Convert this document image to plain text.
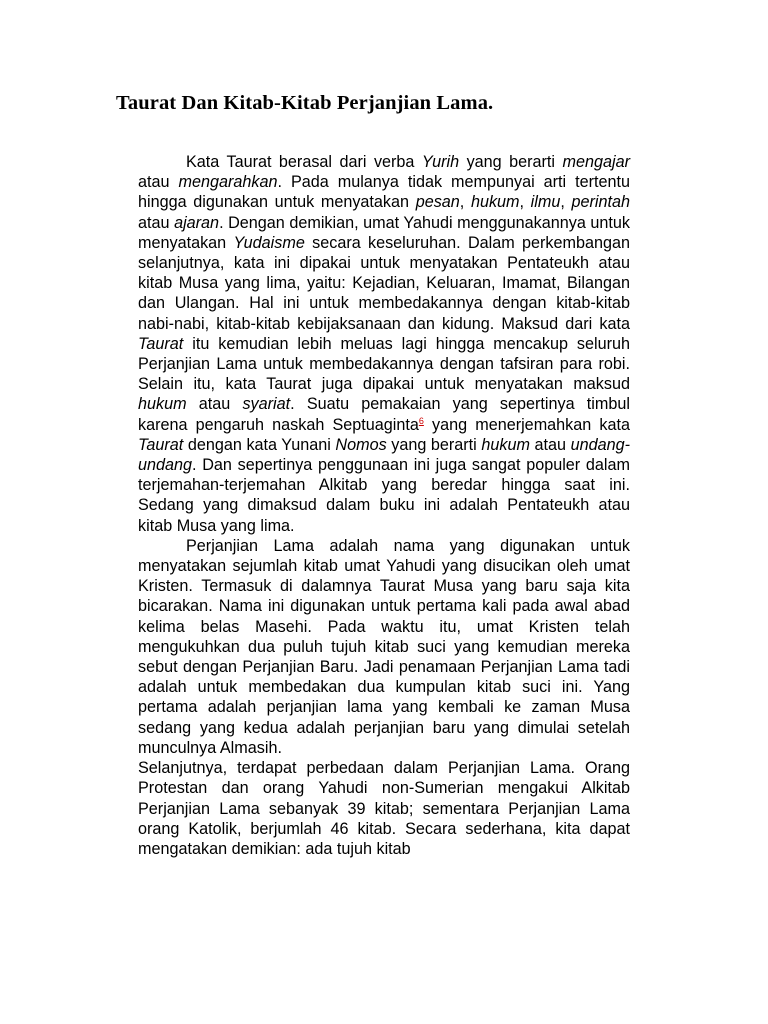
Taurat Dan Kitab-Kitab Perjanjian Lama.

Kata Taurat berasal dari verba Yurih yang berarti mengajar atau mengarahkan. Pada mulanya tidak mempunyai arti tertentu hingga digunakan untuk menyatakan pesan, hukum, ilmu, perintah atau ajaran. Dengan demikian, umat Yahudi menggunakannya untuk menyatakan Yudaisme secara keseluruhan. Dalam perkembangan selanjutnya, kata ini dipakai untuk menyatakan Pentateukh atau kitab Musa yang lima, yaitu: Kejadian, Keluaran, Imamat, Bilangan dan Ulangan. Hal ini untuk membedakannya dengan kitab-kitab nabi-nabi, kitab-kitab kebijaksanaan dan kidung. Maksud dari kata Taurat itu kemudian lebih meluas lagi hingga mencakup seluruh Perjanjian Lama untuk membedakannya dengan tafsiran para robi. Selain itu, kata Taurat juga dipakai untuk menyatakan maksud hukum atau syariat. Suatu pemakaian yang sepertinya timbul karena pengaruh naskah Septuaginta$^6$ yang menerjemahkan kata Taurat dengan kata Yunani Nomos yang berarti hukum atau undang-undang. Dan sepertinya penggunaan ini juga sangat populer dalam terjemahan-terjemahan Alkitab yang beredar hingga saat ini. Sedang yang dimaksud dalam buku ini adalah Pentateukh atau kitab Musa yang lima.

Perjanjian Lama adalah nama yang digunakan untuk menyatakan sejumlah kitab umat Yahudi yang disucikan oleh umat Kristen. Termasuk di dalamnya Taurat Musa yang baru saja kita bicarakan. Nama ini digunakan untuk pertama kali pada awal abad kelima belas Masehi. Pada waktu itu, umat Kristen telah mengukuhkan dua puluh tujuh kitab suci yang kemudian mereka sebut dengan Perjanjian Baru. Jadi penamaan Perjanjian Lama tadi adalah untuk membedakan dua kumpulan kitab suci ini. Yang pertama adalah perjanjian lama yang kembali ke zaman Musa sedang yang kedua adalah perjanjian baru yang dimulai setelah munculnya Almasih.

Selanjutnya, terdapat perbedaan dalam Perjanjian Lama. Orang Protestan dan orang Yahudi non-Sumerian mengakui Alkitab Perjanjian Lama sebanyak 39 kitab; sementara Perjanjian Lama orang Katolik, berjumlah 46 kitab. Secara sederhana, kita dapat mengatakan demikian: ada tujuh kitab
